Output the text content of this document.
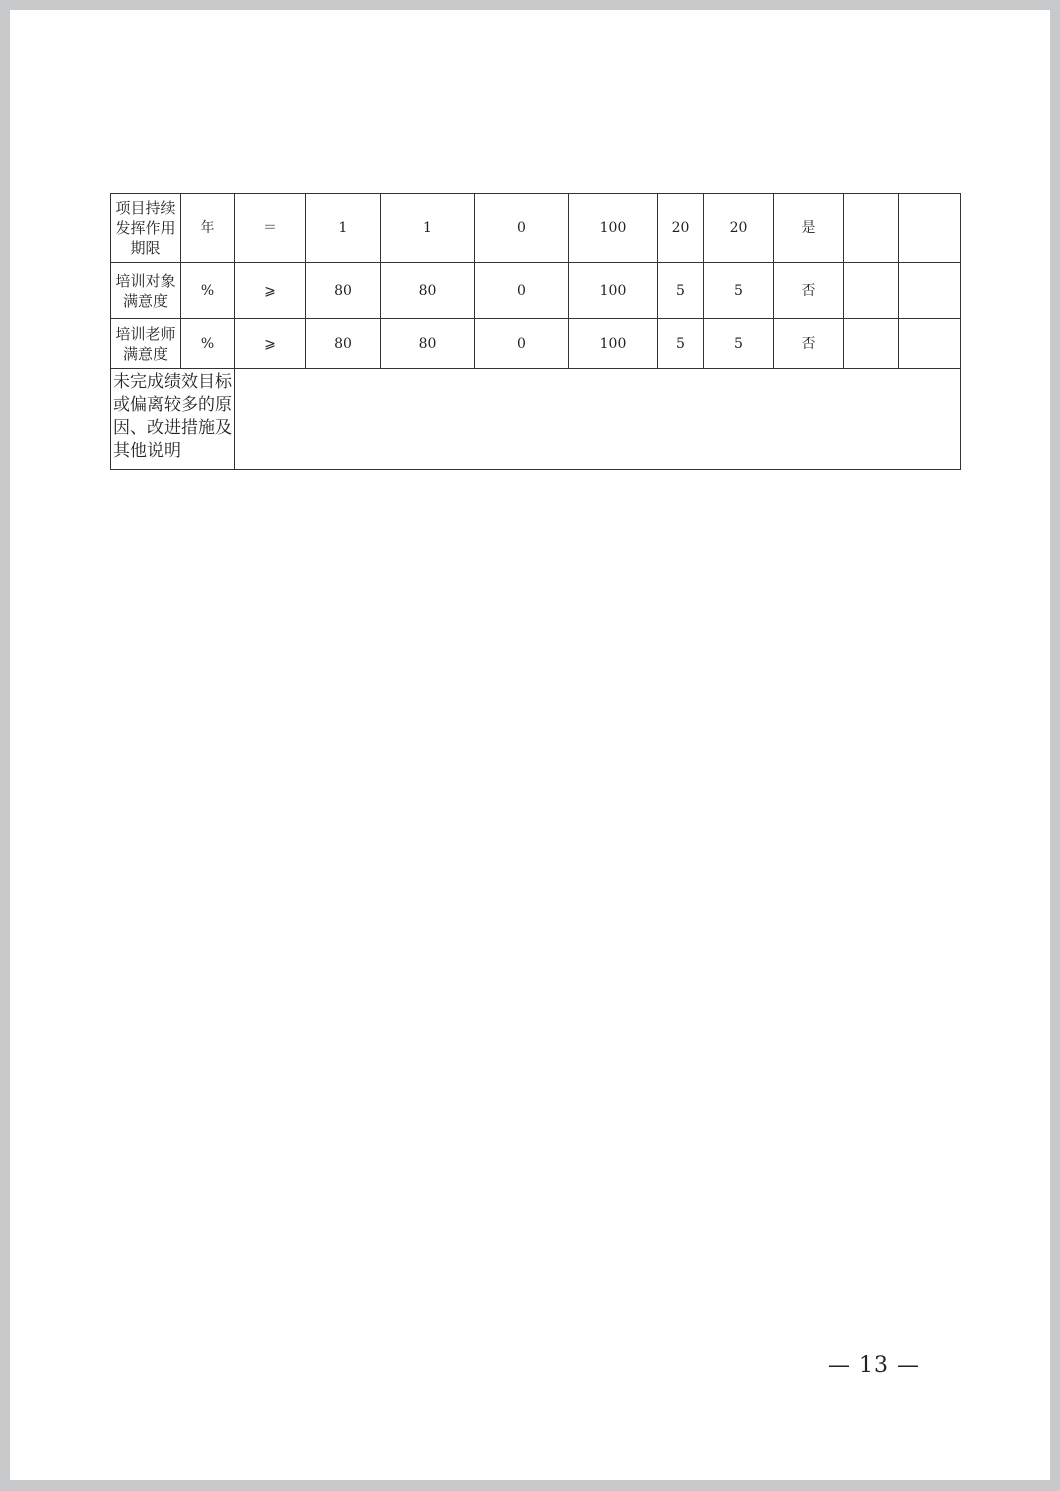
项目持续发挥作用期限	年	＝	1	1	0	100	20	20	是		
培训对象满意度	%	⩾	80	80	0	100	5	5	否		
培训老师满意度	%	⩾	80	80	0	100	5	5	否		
未完成绩效目标或偏离较多的原因、改进措施及其他说明											
— 13 —
